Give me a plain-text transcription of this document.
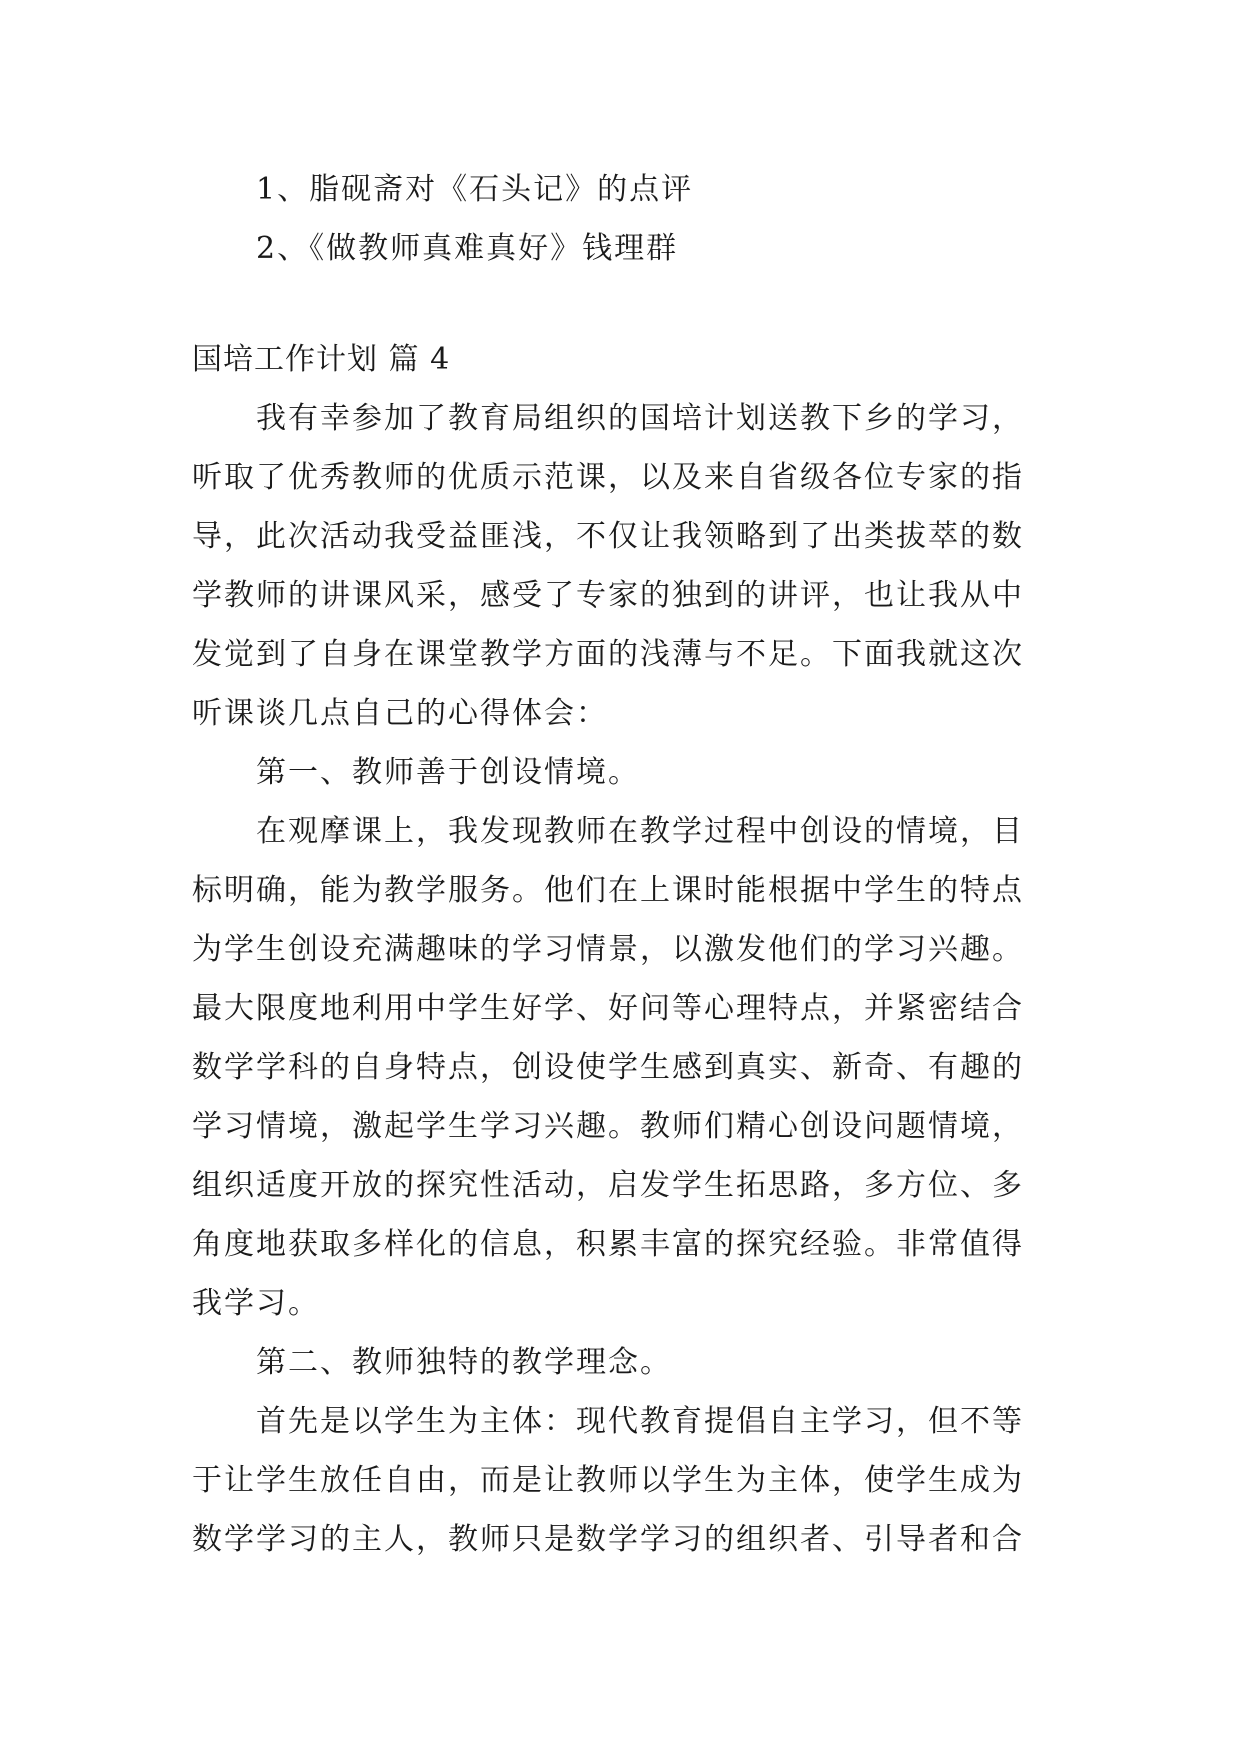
1、脂砚斋对《石头记》的点评
2、《做教师真难真好》钱理群
国培工作计划 篇 4
我有幸参加了教育局组织的国培计划送教下乡的学习，
听取了优秀教师的优质示范课，以及来自省级各位专家的指
导，此次活动我受益匪浅，不仅让我领略到了出类拔萃的数
学教师的讲课风采，感受了专家的独到的讲评，也让我从中
发觉到了自身在课堂教学方面的浅薄与不足。下面我就这次
听课谈几点自己的心得体会：
第一、教师善于创设情境。
在观摩课上，我发现教师在教学过程中创设的情境，目
标明确，能为教学服务。他们在上课时能根据中学生的特点
为学生创设充满趣味的学习情景，以激发他们的学习兴趣。
最大限度地利用中学生好学、好问等心理特点，并紧密结合
数学学科的自身特点，创设使学生感到真实、新奇、有趣的
学习情境，激起学生学习兴趣。教师们精心创设问题情境，
组织适度开放的探究性活动，启发学生拓思路，多方位、多
角度地获取多样化的信息，积累丰富的探究经验。非常值得
我学习。
第二、教师独特的教学理念。
首先是以学生为主体：现代教育提倡自主学习，但不等
于让学生放任自由，而是让教师以学生为主体，使学生成为
数学学习的主人，教师只是数学学习的组织者、引导者和合
